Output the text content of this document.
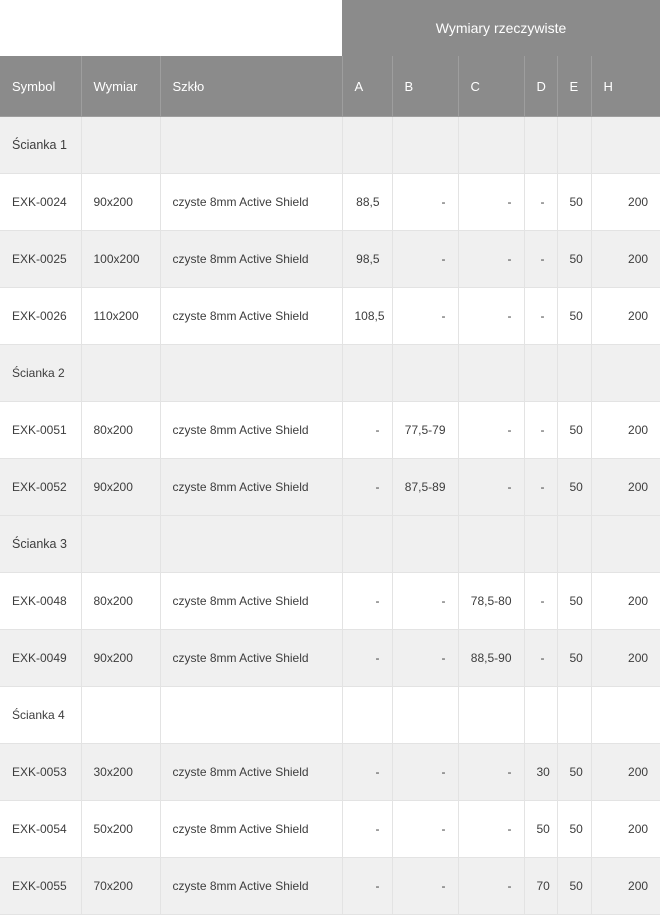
			Wymiary rzeczywiste					
Symbol	Wymiar	Szkło	A	B	C	D	E	H
Ścianka 1								
EXK-0024	90x200	czyste 8mm Active Shield	88,5	-	-	-	50	200
EXK-0025	100x200	czyste 8mm Active Shield	98,5	-	-	-	50	200
EXK-0026	110x200	czyste 8mm Active Shield	108,5	-	-	-	50	200
Ścianka 2								
EXK-0051	80x200	czyste 8mm Active Shield	-	77,5-79	-	-	50	200
EXK-0052	90x200	czyste 8mm Active Shield	-	87,5-89	-	-	50	200
Ścianka 3								
EXK-0048	80x200	czyste 8mm Active Shield	-	-	78,5-80	-	50	200
EXK-0049	90x200	czyste 8mm Active Shield	-	-	88,5-90	-	50	200
Ścianka 4								
EXK-0053	30x200	czyste 8mm Active Shield	-	-	-	30	50	200
EXK-0054	50x200	czyste 8mm Active Shield	-	-	-	50	50	200
EXK-0055	70x200	czyste 8mm Active Shield	-	-	-	70	50	200
